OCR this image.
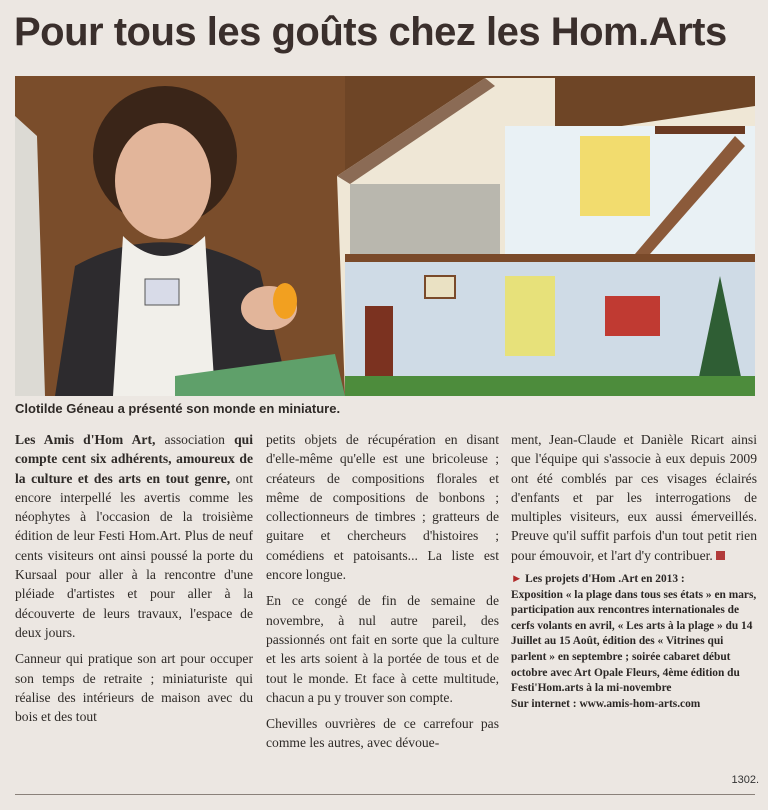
Pour tous les goûts chez les Hom.Arts
Clotilde Géneau a présenté son monde en miniature.

Les Amis d'Hom Art, association qui compte cent six adhérents, amoureux de la culture et des arts en tout genre, ont encore interpellé les avertis comme les néophytes à l'occasion de la troisième édition de leur Festi Hom.Art. Plus de neuf cents visiteurs ont ainsi poussé la porte du Kursaal pour aller à la rencontre d'une pléiade d'artistes et pour aller à la découverte de leurs travaux, l'espace de deux jours.

Canneur qui pratique son art pour occuper son temps de retraite ; miniaturiste qui réalise des intérieurs de maison avec du bois et des tout

petits objets de récupération en disant d'elle-même qu'elle est une bricoleuse ; créateurs de compositions florales et même de compositions de bonbons ; collectionneurs de timbres ; gratteurs de guitare et chercheurs d'histoires ; comédiens et patoisants... La liste est encore longue.

En ce congé de fin de semaine de novembre, à nul autre pareil, des passionnés ont fait en sorte que la culture et les arts soient à la portée de tous et de tout le monde. Et face à cette multitude, chacun a pu y trouver son compte.

Chevilles ouvrières de ce carrefour pas comme les autres, avec dévoue-

ment, Jean-Claude et Danièle Ricart ainsi que l'équipe qui s'associe à eux depuis 2009 ont été comblés par ces visages éclairés d'enfants et par les interrogations de multiples visiteurs, eux aussi émerveillés. Preuve qu'il suffit parfois d'un tout petit rien pour émouvoir, et l'art d'y contribuer.

► Les projets d'Hom .Art en 2013 :
Exposition « la plage dans tous ses états » en mars, participation aux rencontres internationales de cerfs volants en avril, « Les arts à la plage » du 14 Juillet au 15 Août, édition des « Vitrines qui parlent » en septembre ; soirée cabaret début octobre avec Art Opale Fleurs, 4ème édition du Festi'Hom.arts à la mi-novembre
Sur internet : www.amis-hom-arts.com
1302.
